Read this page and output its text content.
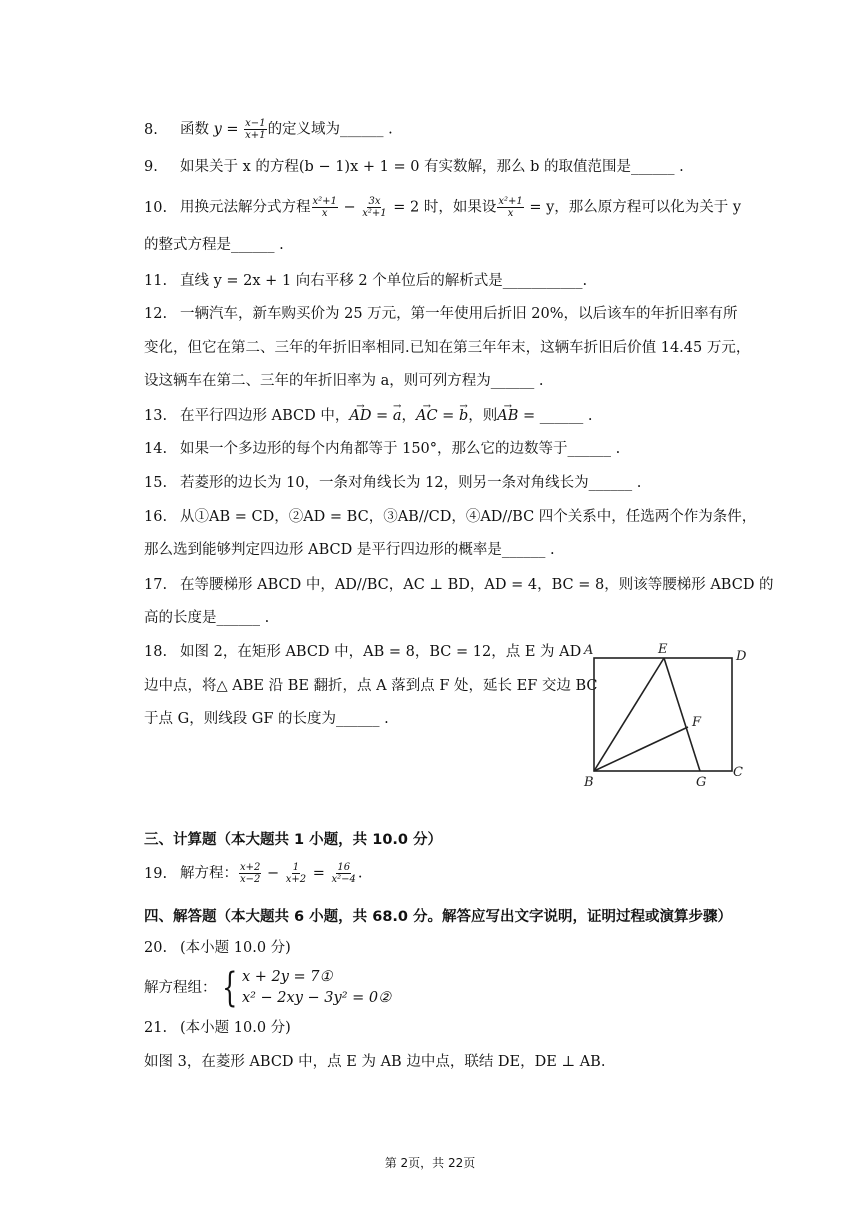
8. 函数 $y = \frac{x-1}{x+1}$ 的定义域为______ .
9. 如果关于 x 的方程(b − 1)x + 1 = 0 有实数解，那么 b 的取值范围是______ .
10. 用换元法解分式方程 $\frac{\text{x²+1}}{x} - \frac{3x}{\text{x²+1}} = 2$ 时，如果设 $\frac{\text{x²+1}}{x} = y$，那么原方程可以化为关于 y
的整式方程是______ .
11. 直线 y = 2x + 1 向右平移 2 个单位后的解析式是___________.
12. 一辆汽车，新车购买价为 25 万元，第一年使用后折旧 20%，以后该车的年折旧率有所
变化，但它在第二、三年的年折旧率相同.已知在第三年年末，这辆车折旧后价值 14.45 万元，
设这辆车在第二、三年的年折旧率为 a，则可列方程为______ .
13. 在平行四边形 ABCD 中，→ AD = → a，→ AC = → b，则→ AB = ______ .
14. 如果一个多边形的每个内角都等于 150°，那么它的边数等于______ .
15. 若菱形的边长为 10，一条对角线长为 12，则另一条对角线长为______ .
16. 从①AB = CD，②AD = BC，③AB//CD，④AD//BC 四个关系中，任选两个作为条件，
那么选到能够判定四边形 ABCD 是平行四边形的概率是______ .
17. 在等腰梯形 ABCD 中，AD//BC，AC ⊥ BD，AD = 4，BC = 8，则该等腰梯形 ABCD 的
高的长度是______ .
18. 如图 2，在矩形 ABCD 中，AB = 8，BC = 12，点 E 为 AD
边中点，将△ ABE 沿 BE 翻折，点 A 落到点 F 处，延长 EF 交边 BC
于点 G，则线段 GF 的长度为______ .
A	E	D
F
B	G
C
三、计算题（本大题共 1 小题，共 10.0 分）
19. 解方程： $\frac{x+2}{x-2} - \frac{1}{x+2} = \frac{16}{\text{x²−4}}$ .
四、解答题（本大题共 6 小题，共 68.0 分。解答应写出文字说明，证明过程或演算步骤）
20. (本小题 10.0 分)
解方程组： { x + 2y = 7①
x² − 2xy − 3y² = 0②
21. (本小题 10.0 分)
如图 3，在菱形 ABCD 中，点 E 为 AB 边中点，联结 DE，DE ⊥ AB.
第 2页，共 22页
